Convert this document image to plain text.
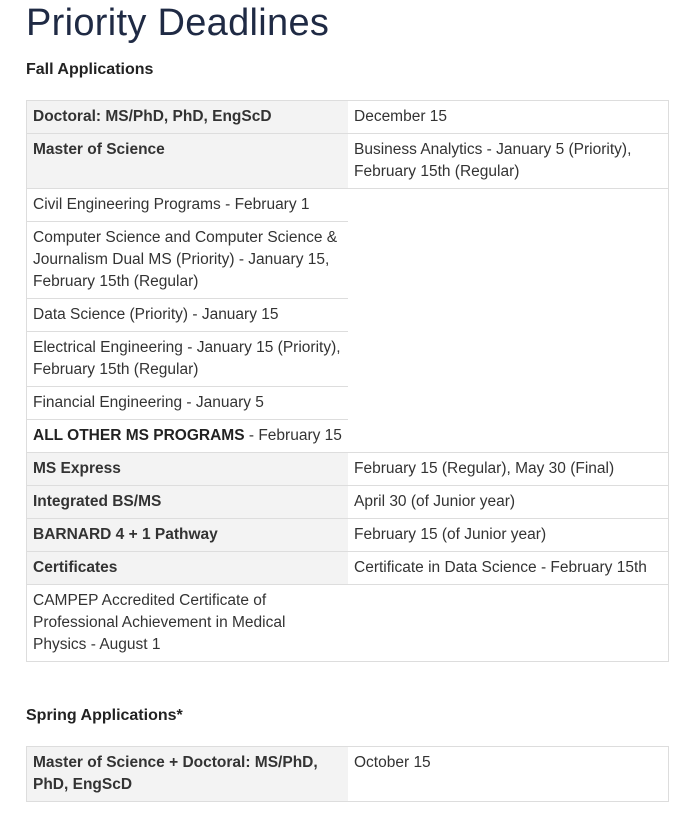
Priority Deadlines
Fall Applications
Doctoral: MS/PhD, PhD, EngScD	December 15
Master of Science	Business Analytics - January 5 (Priority), February 15th (Regular)
Civil Engineering Programs - February 1	
Computer Science and Computer Science & Journalism Dual MS (Priority) - January 15, February 15th (Regular)	
Data Science (Priority) - January 15	
Electrical Engineering - January 15 (Priority), February 15th (Regular)	
Financial Engineering - January 5	
ALL OTHER MS PROGRAMS - February 15	
MS Express	February 15 (Regular), May 30 (Final)
Integrated BS/MS	April 30 (of Junior year)
BARNARD 4 + 1 Pathway	February 15 (of Junior year)
Certificates	Certificate in Data Science - February 15th
CAMPEP Accredited Certificate of Professional Achievement in Medical Physics - August 1	
Spring Applications*
Master of Science + Doctoral: MS/PhD, PhD, EngScD	October 15
